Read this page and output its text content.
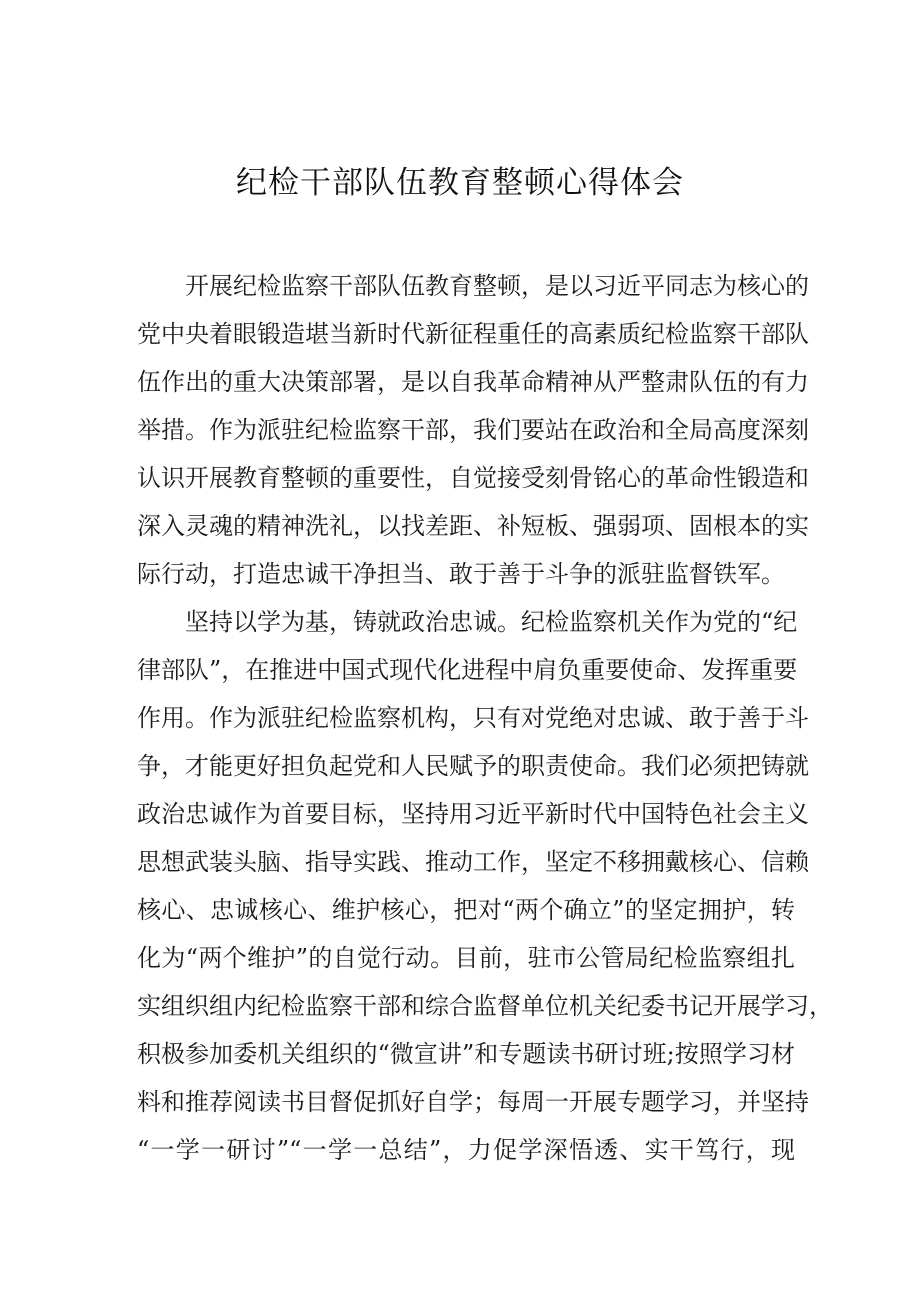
纪检干部队伍教育整顿心得体会

开展纪检监察干部队伍教育整顿，是以习近平同志为核心的

党中央着眼锻造堪当新时代新征程重任的高素质纪检监察干部队

伍作出的重大决策部署，是以自我革命精神从严整肃队伍的有力

举措。作为派驻纪检监察干部，我们要站在政治和全局高度深刻

认识开展教育整顿的重要性，自觉接受刻骨铭心的革命性锻造和

深入灵魂的精神洗礼，以找差距、补短板、强弱项、固根本的实

际行动，打造忠诚干净担当、敢于善于斗争的派驻监督铁军。

坚持以学为基，铸就政治忠诚。纪检监察机关作为党的“纪

律部队”，在推进中国式现代化进程中肩负重要使命、发挥重要

作用。作为派驻纪检监察机构，只有对党绝对忠诚、敢于善于斗

争，才能更好担负起党和人民赋予的职责使命。我们必须把铸就

政治忠诚作为首要目标，坚持用习近平新时代中国特色社会主义

思想武装头脑、指导实践、推动工作，坚定不移拥戴核心、信赖

核心、忠诚核心、维护核心，把对“两个确立”的坚定拥护，转

化为“两个维护”的自觉行动。目前，驻市公管局纪检监察组扎

实组织组内纪检监察干部和综合监督单位机关纪委书记开展学习，

积极参加委机关组织的“微宣讲”和专题读书研讨班;按照学习材

料和推荐阅读书目督促抓好自学；每周一开展专题学习，并坚持

“一学一研讨”“一学一总结”，力促学深悟透、实干笃行，现
